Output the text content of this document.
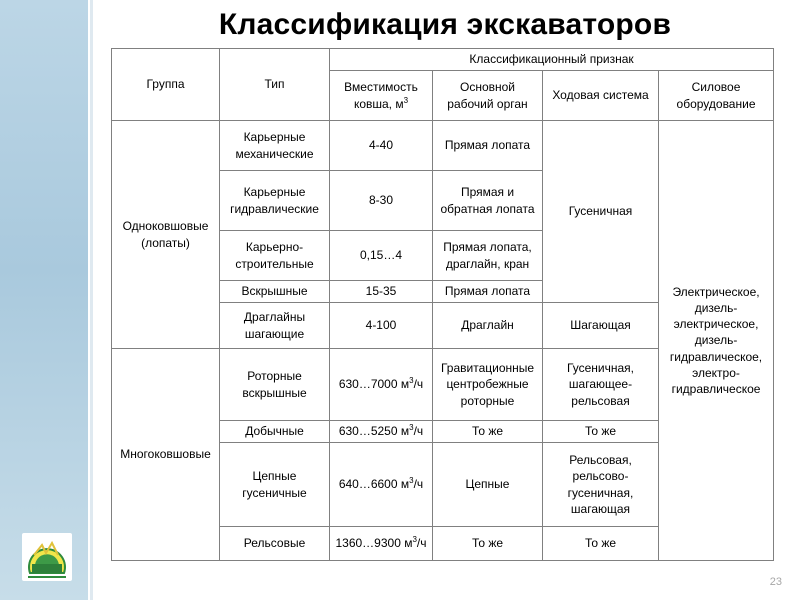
Классификация экскаваторов
Группа	Тип	Классификационный признак			
		Вместимость ковша, $м^3$	Основной рабочий орган	Ходовая система	Силовое оборудование
Одноковшовые (лопаты)	Карьерные механические	4-40	Прямая лопата	Гусеничная	Электрическое, дизель-электрическое, дизель-гидравлическое, электро-гидравлическое
	Карьерные гидравлические	8-30	Прямая и обратная лопата		
	Карьерно-строительные	0,15…4	Прямая лопата, драглайн, кран		
	Вскрышные	15-35	Прямая лопата		
	Драглайны шагающие	4-100	Драглайн	Шагающая	
Многоковшовые	Роторные вскрышные	630…7000 $м^3/ч$	Гравитационные центробежные роторные	Гусеничная, шагающее-рельсовая	
	Добычные	630…5250 $м^3/ч$	То же	То же	
	Цепные гусеничные	640…6600 $м^3/ч$	Цепные	Рельсовая, рельсово-гусеничная, шагающая	
	Рельсовые	1360…9300 $м^3/ч$	То же	То же	
23
